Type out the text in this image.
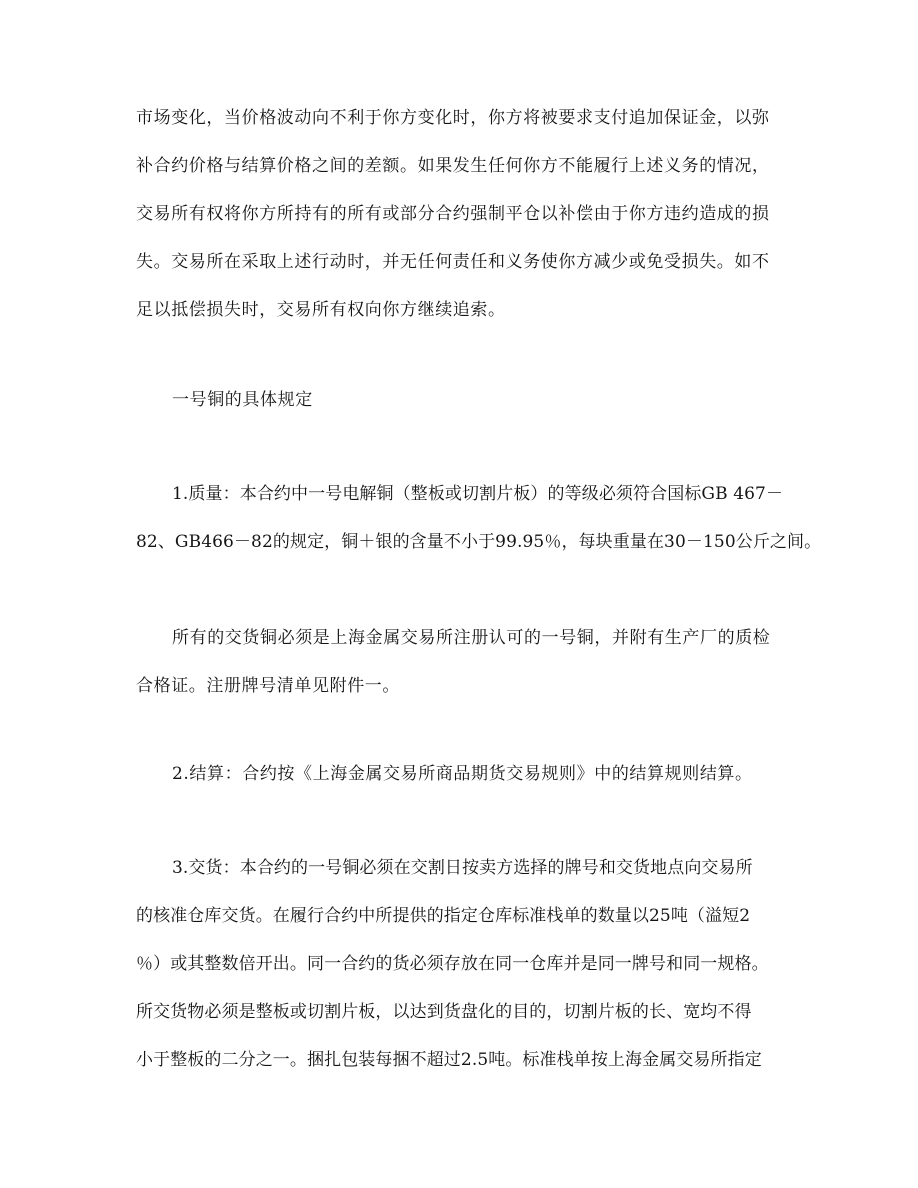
市场变化，当价格波动向不利于你方变化时，你方将被要求支付追加保证金，以弥
补合约价格与结算价格之间的差额。如果发生任何你方不能履行上述义务的情况，
交易所有权将你方所持有的所有或部分合约强制平仓以补偿由于你方违约造成的损
失。交易所在采取上述行动时，并无任何责任和义务使你方减少或免受损失。如不
足以抵偿损失时，交易所有权向你方继续追索。
一号铜的具体规定
1.质量：本合约中一号电解铜（整板或切割片板）的等级必须符合国标GB 467－
82、GB466－82的规定，铜＋银的含量不小于99.95％，每块重量在30－150公斤之间。
所有的交货铜必须是上海金属交易所注册认可的一号铜，并附有生产厂的质检
合格证。注册牌号清单见附件一。
2.结算：合约按《上海金属交易所商品期货交易规则》中的结算规则结算。
3.交货：本合约的一号铜必须在交割日按卖方选择的牌号和交货地点向交易所
的核准仓库交货。在履行合约中所提供的指定仓库标准栈单的数量以25吨（溢短2
％）或其整数倍开出。同一合约的货必须存放在同一仓库并是同一牌号和同一规格。
所交货物必须是整板或切割片板，以达到货盘化的目的，切割片板的长、宽均不得
小于整板的二分之一。捆扎包装每捆不超过2.5吨。标准栈单按上海金属交易所指定
